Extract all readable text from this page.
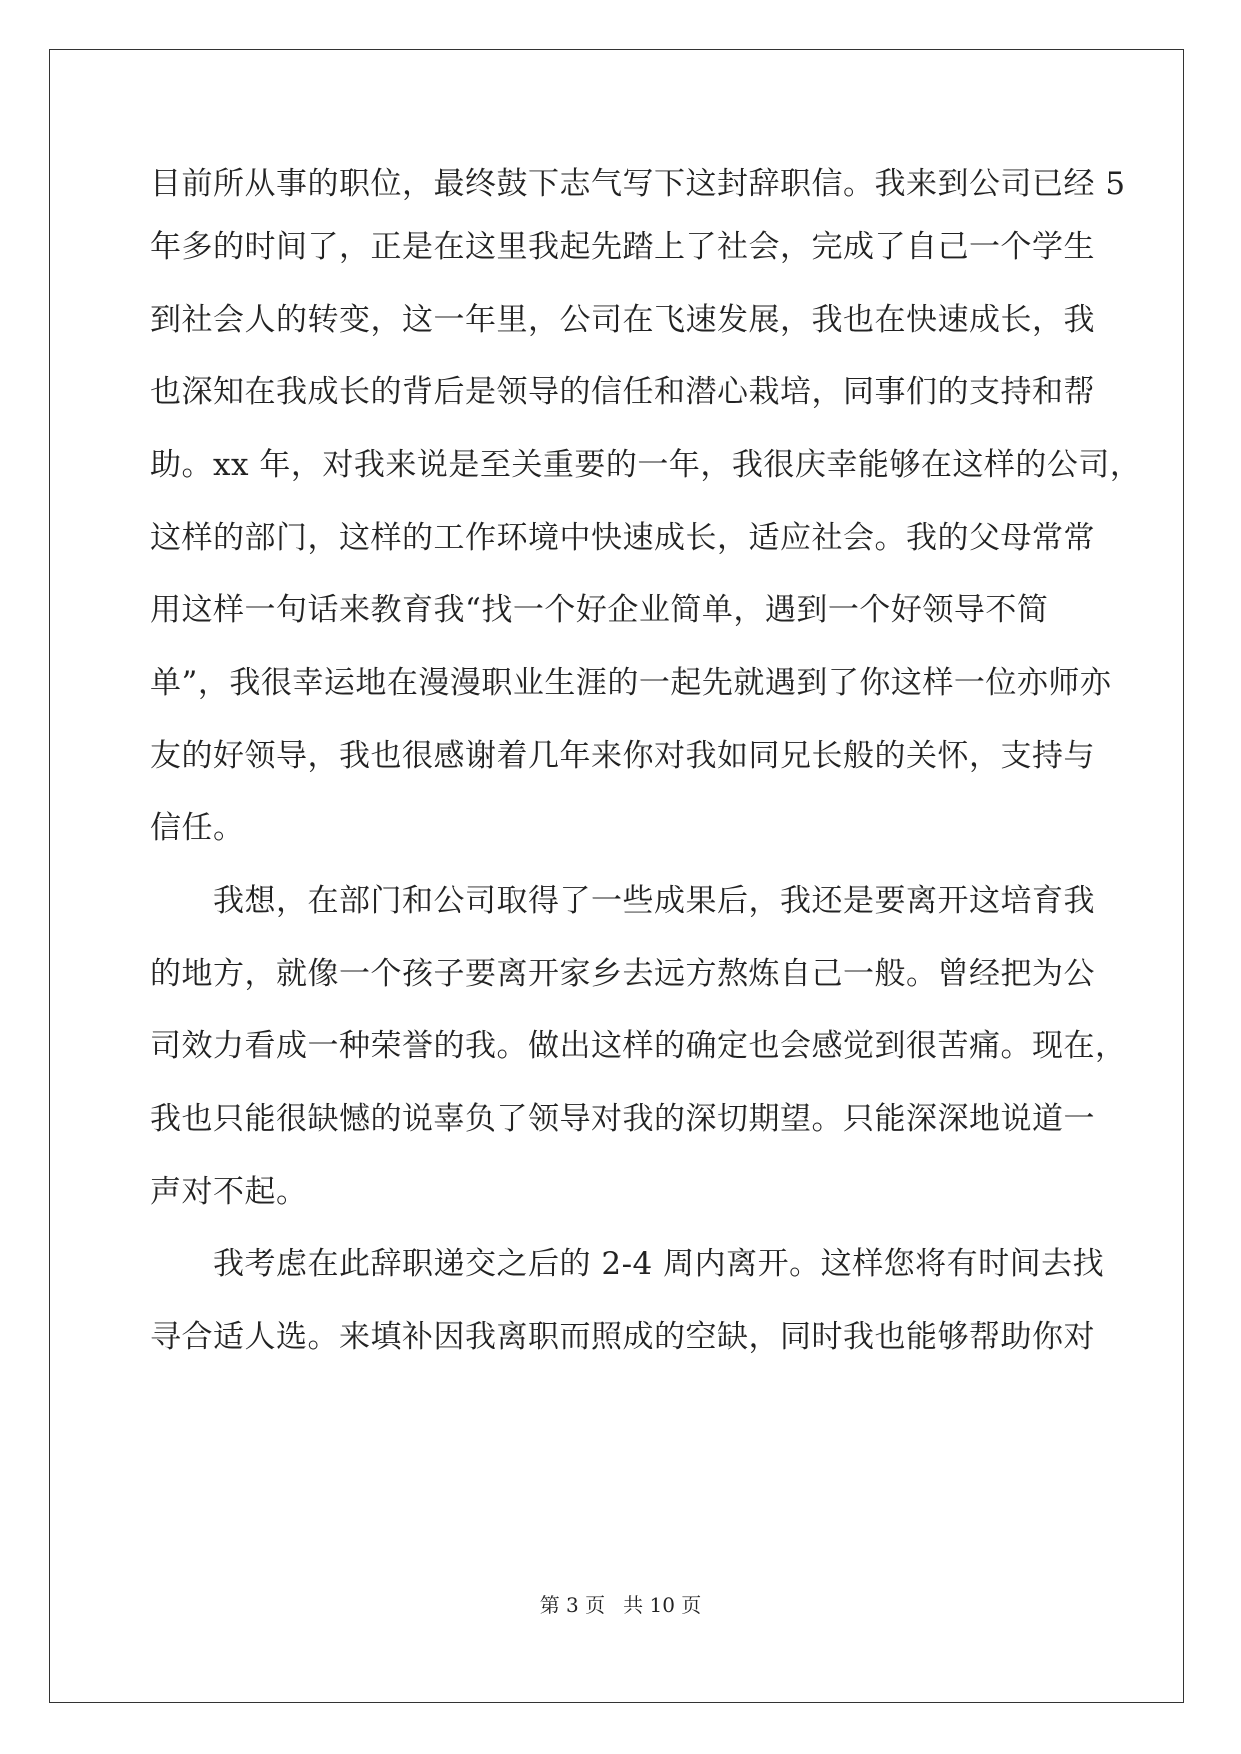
目前所从事的职位，最终鼓下志气写下这封辞职信。我来到公司已经 5
年多的时间了，正是在这里我起先踏上了社会，完成了自己一个学生
到社会人的转变，这一年里，公司在飞速发展，我也在快速成长，我
也深知在我成长的背后是领导的信任和潜心栽培，同事们的支持和帮
助。xx 年，对我来说是至关重要的一年，我很庆幸能够在这样的公司，
这样的部门，这样的工作环境中快速成长，适应社会。我的父母常常
用这样一句话来教育我“找一个好企业简单，遇到一个好领导不简
单”，我很幸运地在漫漫职业生涯的一起先就遇到了你这样一位亦师亦
友的好领导，我也很感谢着几年来你对我如同兄长般的关怀，支持与
信任。
我想，在部门和公司取得了一些成果后，我还是要离开这培育我
的地方，就像一个孩子要离开家乡去远方熬炼自己一般。曾经把为公
司效力看成一种荣誉的我。做出这样的确定也会感觉到很苦痛。现在，
我也只能很缺憾的说辜负了领导对我的深切期望。只能深深地说道一
声对不起。
我考虑在此辞职递交之后的 2-4 周内离开。这样您将有时间去找
寻合适人选。来填补因我离职而照成的空缺，同时我也能够帮助你对
第 3 页 共 10 页
